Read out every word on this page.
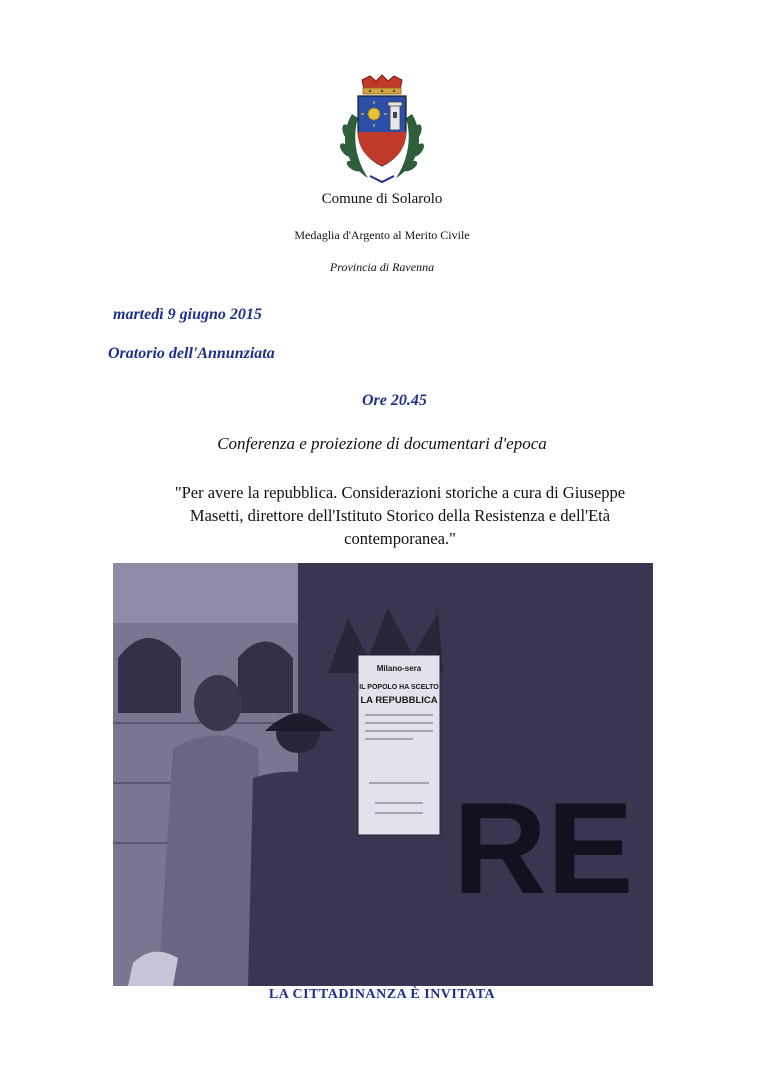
Comune di Solarolo
Medaglia d'Argento al Merito Civile
Provincia di Ravenna
martedì 9 giugno 2015
Oratorio dell'Annunziata
Ore 20.45
Conferenza e proiezione di documentari d'epoca
"Per avere la repubblica. Considerazioni storiche a cura di Giuseppe
Masetti, direttore dell'Istituto Storico della Resistenza e dell'Età
contemporanea."
Milano-sera
IL POPOLO HA SCELTO
LA REPUBBLICA
RE
LA CITTADINANZA È INVITATA
